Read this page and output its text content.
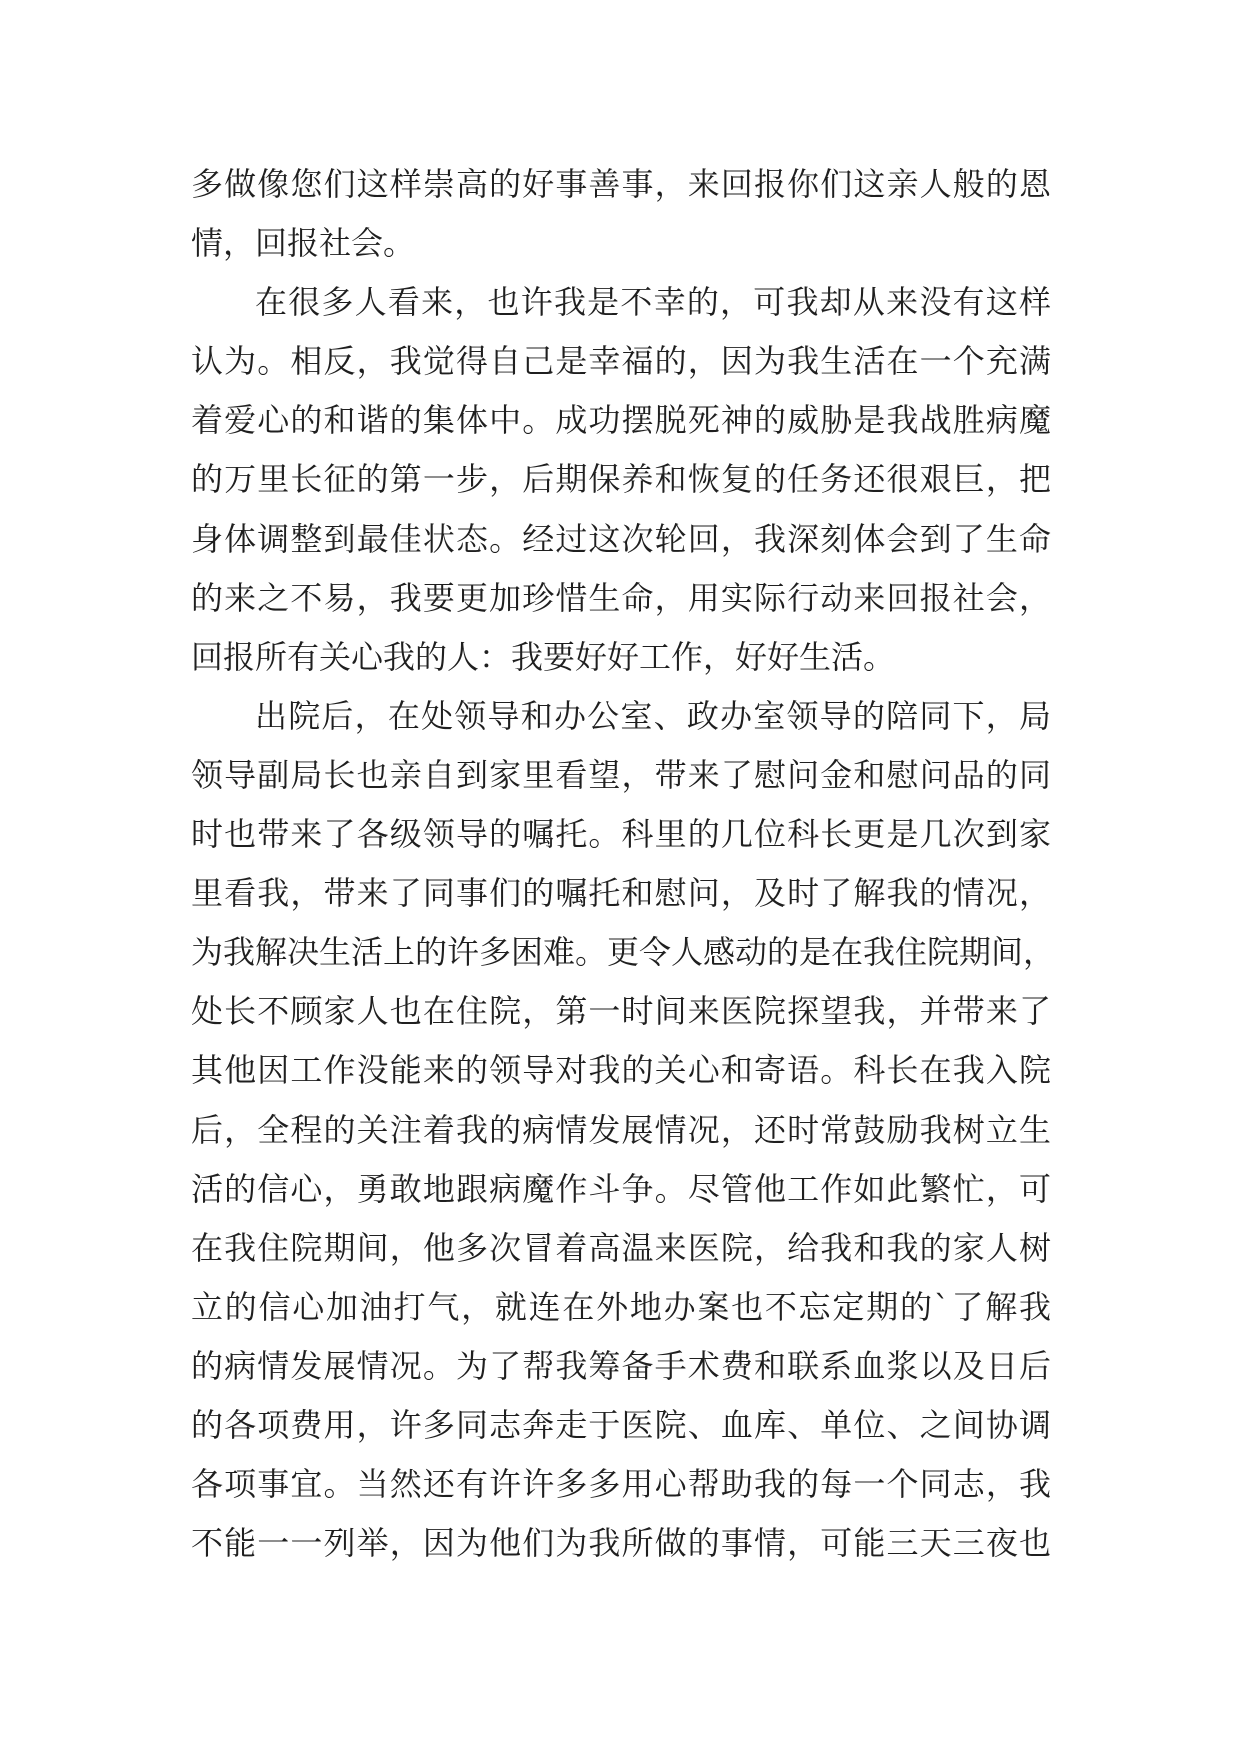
多做像您们这样崇高的好事善事，来回报你们这亲人般的恩
情，回报社会。
在很多人看来，也许我是不幸的，可我却从来没有这样
认为。相反，我觉得自己是幸福的，因为我生活在一个充满
着爱心的和谐的集体中。成功摆脱死神的威胁是我战胜病魔
的万里长征的第一步，后期保养和恢复的任务还很艰巨，把
身体调整到最佳状态。经过这次轮回，我深刻体会到了生命
的来之不易，我要更加珍惜生命，用实际行动来回报社会，
回报所有关心我的人：我要好好工作，好好生活。
出院后，在处领导和办公室、政办室领导的陪同下，局
领导副局长也亲自到家里看望，带来了慰问金和慰问品的同
时也带来了各级领导的嘱托。科里的几位科长更是几次到家
里看我，带来了同事们的嘱托和慰问，及时了解我的情况，
为我解决生活上的许多困难。更令人感动的是在我住院期间，
处长不顾家人也在住院，第一时间来医院探望我，并带来了
其他因工作没能来的领导对我的关心和寄语。科长在我入院
后，全程的关注着我的病情发展情况，还时常鼓励我树立生
活的信心，勇敢地跟病魔作斗争。尽管他工作如此繁忙，可
在我住院期间，他多次冒着高温来医院，给我和我的家人树
立的信心加油打气，就连在外地办案也不忘定期的`了解我
的病情发展情况。为了帮我筹备手术费和联系血浆以及日后
的各项费用，许多同志奔走于医院、血库、单位、之间协调
各项事宜。当然还有许许多多用心帮助我的每一个同志，我
不能一一列举，因为他们为我所做的事情，可能三天三夜也
